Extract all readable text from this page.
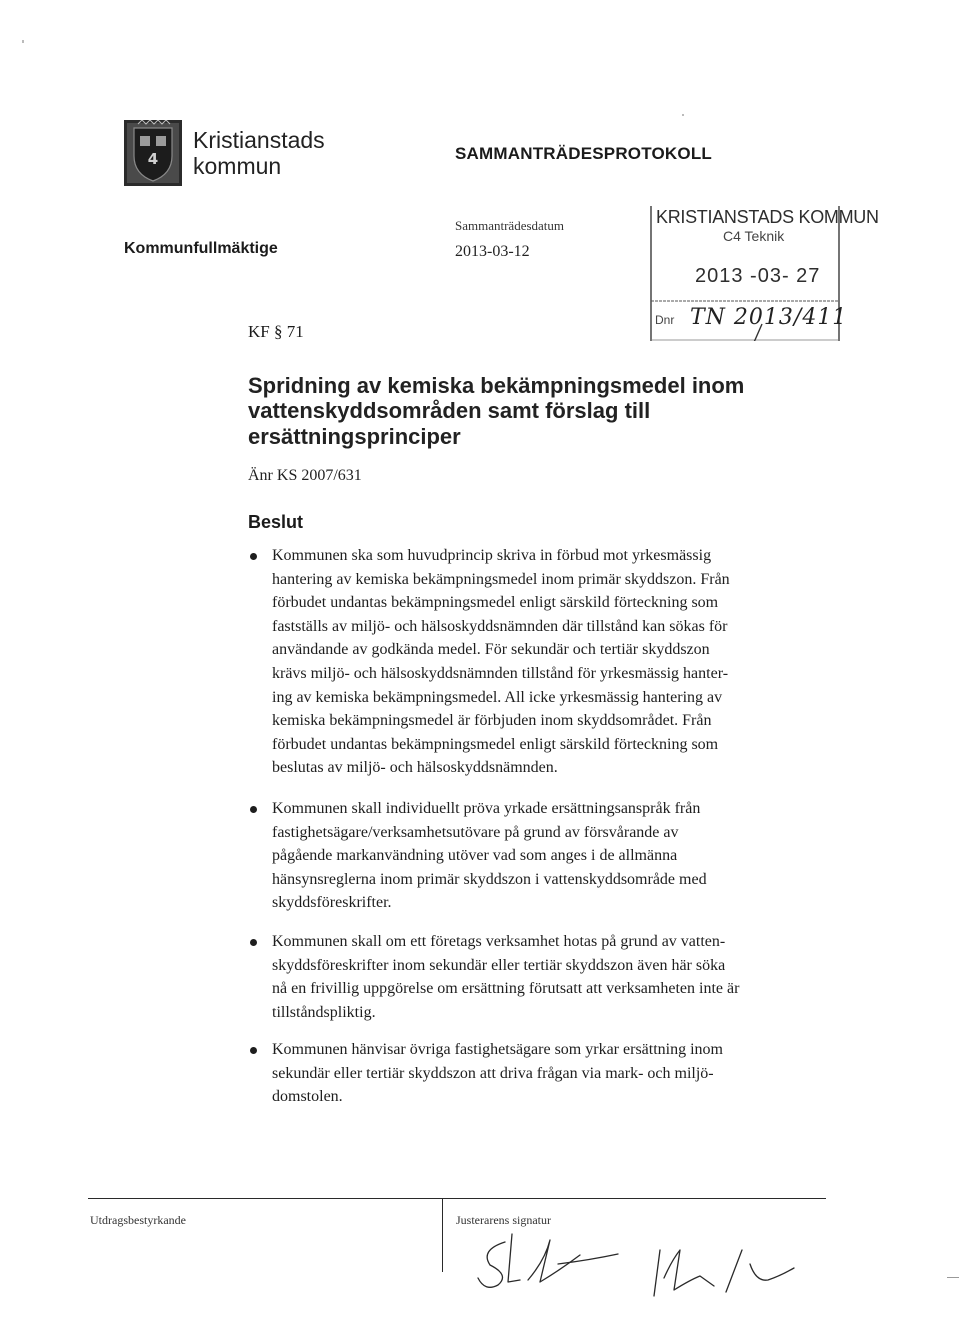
4
Kristianstads
kommun	SAMMANTRÄDESPROTOKOLL
Kommunfullmäktige
Sammanträdesdatum
2013-03-12
KF § 71
KRISTIANSTADS KOMMUN
C4 Teknik
2013 -03- 27
Dnr TN 2013/411
Spridning av kemiska bekämpningsmedel inom
vattenskyddsområden samt förslag till
ersättningsprinciper
Änr KS 2007/631
Beslut
Kommunen ska som huvudprincip skriva in förbud mot yrkesmässig
hantering av kemiska bekämpningsmedel inom primär skyddszon. Från
förbudet undantas bekämpningsmedel enligt särskild förteckning som
fastställs av miljö- och hälsoskyddsnämnden där tillstånd kan sökas för
användande av godkända medel. För sekundär och tertiär skyddszon
krävs miljö- och hälsoskyddsnämnden tillstånd för yrkesmässig hanter-
ing av kemiska bekämpningsmedel. All icke yrkesmässig hantering av
kemiska bekämpningsmedel är förbjuden inom skyddsområdet. Från
förbudet undantas bekämpningsmedel enligt särskild förteckning som
beslutas av miljö- och hälsoskyddsnämnden.
Kommunen skall individuellt pröva yrkade ersättningsanspråk från
fastighetsägare/verksamhetsutövare på grund av försvårande av
pågående markanvändning utöver vad som anges i de allmänna
hänsynsreglerna inom primär skyddszon i vattenskyddsområde med
skyddsföreskrifter.
Kommunen skall om ett företags verksamhet hotas på grund av vatten-
skyddsföreskrifter inom sekundär eller tertiär skyddszon även här söka
nå en frivillig uppgörelse om ersättning förutsatt att verksamheten inte är
tillståndspliktig.
Kommunen hänvisar övriga fastighetsägare som yrkar ersättning inom
sekundär eller tertiär skyddszon att driva frågan via mark- och miljö-
domstolen.
Utdragsbestyrkande	Justerarens signatur
